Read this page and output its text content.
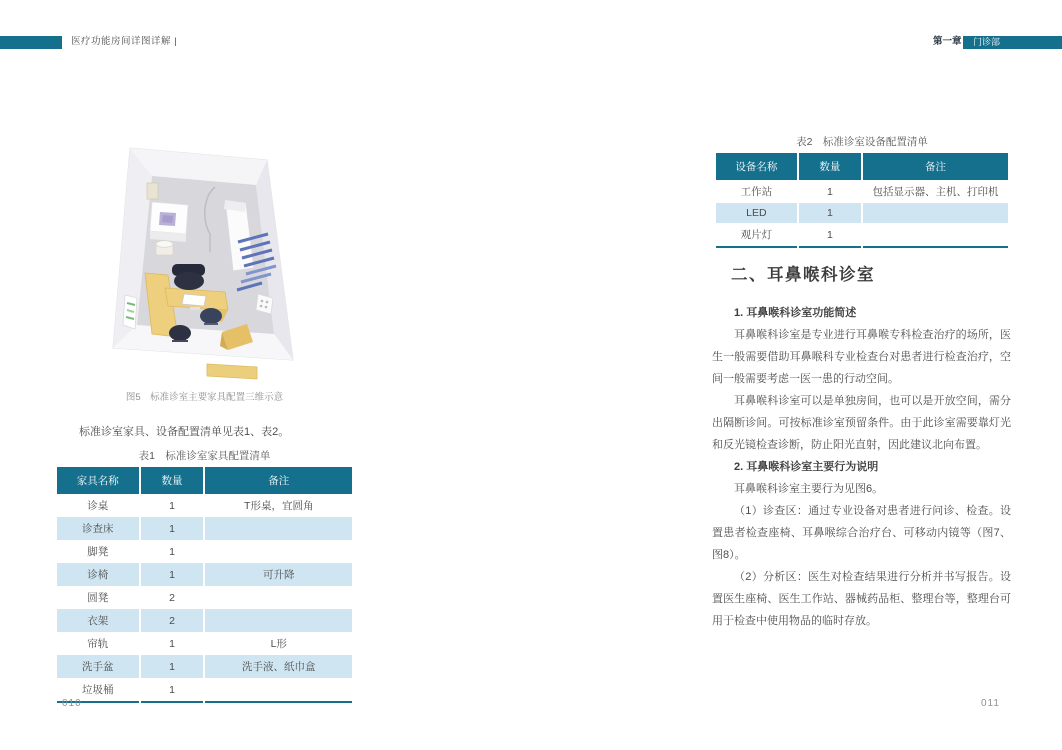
医疗功能房间详图详解 |	第一章	门诊部
图5　标准诊室主要家具配置三维示意
标准诊室家具、设备配置清单见表1、表2。
表1　标准诊室家具配置清单
家具名称	数量	备注
诊桌	1	T形桌，宜圆角
诊查床	1	
脚凳	1	
诊椅	1	可升降
圆凳	2	
衣架	2	
帘轨	1	L形
洗手盆	1	洗手液、纸巾盒
垃圾桶	1	
010
表2　标准诊室设备配置清单
设备名称	数量	备注
工作站	1	包括显示器、主机、打印机
LED	1	
观片灯	1	
二、耳鼻喉科诊室

1. 耳鼻喉科诊室功能简述

耳鼻喉科诊室是专业进行耳鼻喉专科检查治疗的场所，医生一般需要借助耳鼻喉科专业检查台对患者进行检查治疗，空间一般需要考虑一医一患的行动空间。

耳鼻喉科诊室可以是单独房间，也可以是开放空间，需分出隔断诊间。可按标准诊室预留条件。由于此诊室需要靠灯光和反光镜检查诊断，防止阳光直射，因此建议北向布置。

2. 耳鼻喉科诊室主要行为说明

耳鼻喉科诊室主要行为见图6。

（1）诊查区：通过专业设备对患者进行问诊、检查。设置患者检查座椅、耳鼻喉综合治疗台、可移动内镜等（图7、图8）。

（2）分析区：医生对检查结果进行分析并书写报告。设置医生座椅、医生工作站、器械药品柜、整理台等，整理台可用于检查中使用物品的临时存放。

011
